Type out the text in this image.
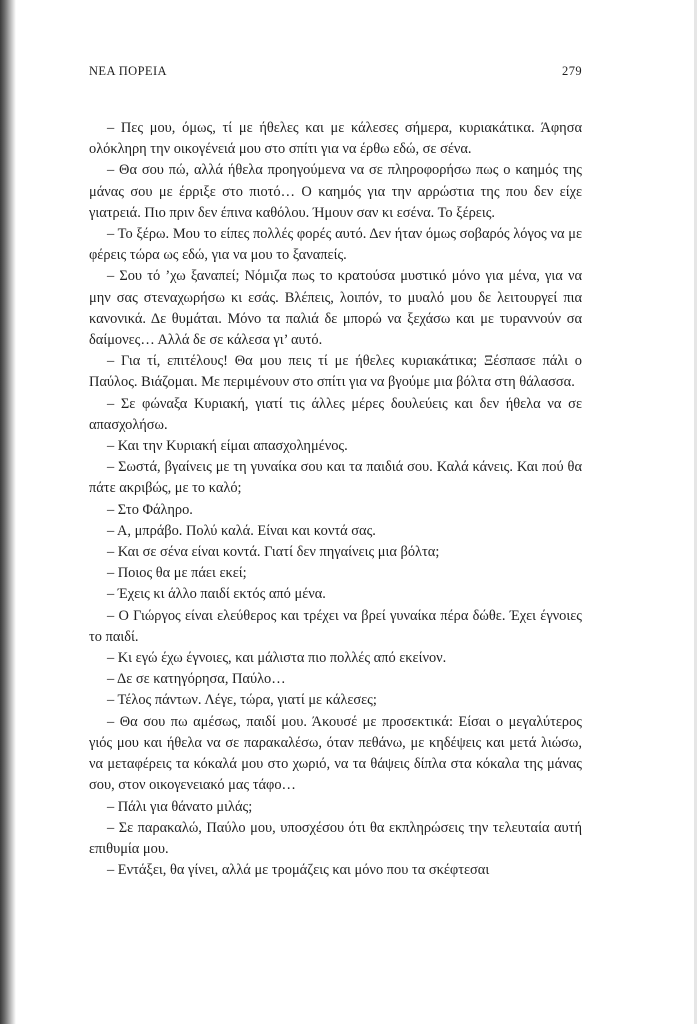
ΝΕΑ ΠΟΡΕΙΑ	279

– Πες μου, όμως, τί με ήθελες και με κάλεσες σήμερα, κυριακάτικα. Άφησα ολόκληρη την οικογένειά μου στο σπίτι για να έρθω εδώ, σε σένα.

– Θα σου πώ, αλλά ήθελα προηγούμενα να σε πληροφορήσω πως ο καημός της μάνας σου με έρριξε στο πιοτό… Ο καημός για την αρρώστια της που δεν είχε γιατρειά. Πιο πριν δεν έπινα καθόλου. Ήμουν σαν κι εσένα. Το ξέρεις.

– Το ξέρω. Μου το είπες πολλές φορές αυτό. Δεν ήταν όμως σοβαρός λόγος να με φέρεις τώρα ως εδώ, για να μου το ξαναπείς.

– Σου τό ’χω ξαναπεί; Νόμιζα πως το κρατούσα μυστικό μόνο για μένα, για να μην σας στεναχωρήσω κι εσάς. Βλέπεις, λοιπόν, το μυαλό μου δε λειτουργεί πια κανονικά. Δε θυμάται. Μόνο τα παλιά δε μπορώ να ξεχάσω και με τυραννούν σα δαίμονες… Αλλά δε σε κάλεσα γι’ αυτό.

– Για τί, επιτέλους! Θα μου πεις τί με ήθελες κυριακάτικα; Ξέσπασε πάλι ο Παύλος. Βιάζομαι. Με περιμένουν στο σπίτι για να βγούμε μια βόλτα στη θάλασσα.

– Σε φώναξα Κυριακή, γιατί τις άλλες μέρες δουλεύεις και δεν ήθελα να σε απασχολήσω.

– Και την Κυριακή είμαι απασχολημένος.

– Σωστά, βγαίνεις με τη γυναίκα σου και τα παιδιά σου. Καλά κάνεις. Και πού θα πάτε ακριβώς, με το καλό;

– Στο Φάληρο.

– Α, μπράβο. Πολύ καλά. Είναι και κοντά σας.

– Και σε σένα είναι κοντά. Γιατί δεν πηγαίνεις μια βόλτα;

– Ποιος θα με πάει εκεί;

– Έχεις κι άλλο παιδί εκτός από μένα.

– Ο Γιώργος είναι ελεύθερος και τρέχει να βρεί γυναίκα πέρα δώθε. Έχει έγνοιες το παιδί.

– Κι εγώ έχω έγνοιες, και μάλιστα πιο πολλές από εκείνον.

– Δε σε κατηγόρησα, Παύλο…

– Τέλος πάντων. Λέγε, τώρα, γιατί με κάλεσες;

– Θα σου πω αμέσως, παιδί μου. Άκουσέ με προσεκτικά: Είσαι ο μεγαλύτερος γιός μου και ήθελα να σε παρακαλέσω, όταν πεθάνω, με κηδέψεις και μετά λιώσω, να μεταφέρεις τα κόκαλά μου στο χωριό, να τα θάψεις δίπλα στα κόκαλα της μάνας σου, στον οικογενειακό μας τάφο…

– Πάλι για θάνατο μιλάς;

– Σε παρακαλώ, Παύλο μου, υποσχέσου ότι θα εκπληρώσεις την τελευταία αυτή επιθυμία μου.

– Εντάξει, θα γίνει, αλλά με τρομάζεις και μόνο που τα σκέφτεσαι
